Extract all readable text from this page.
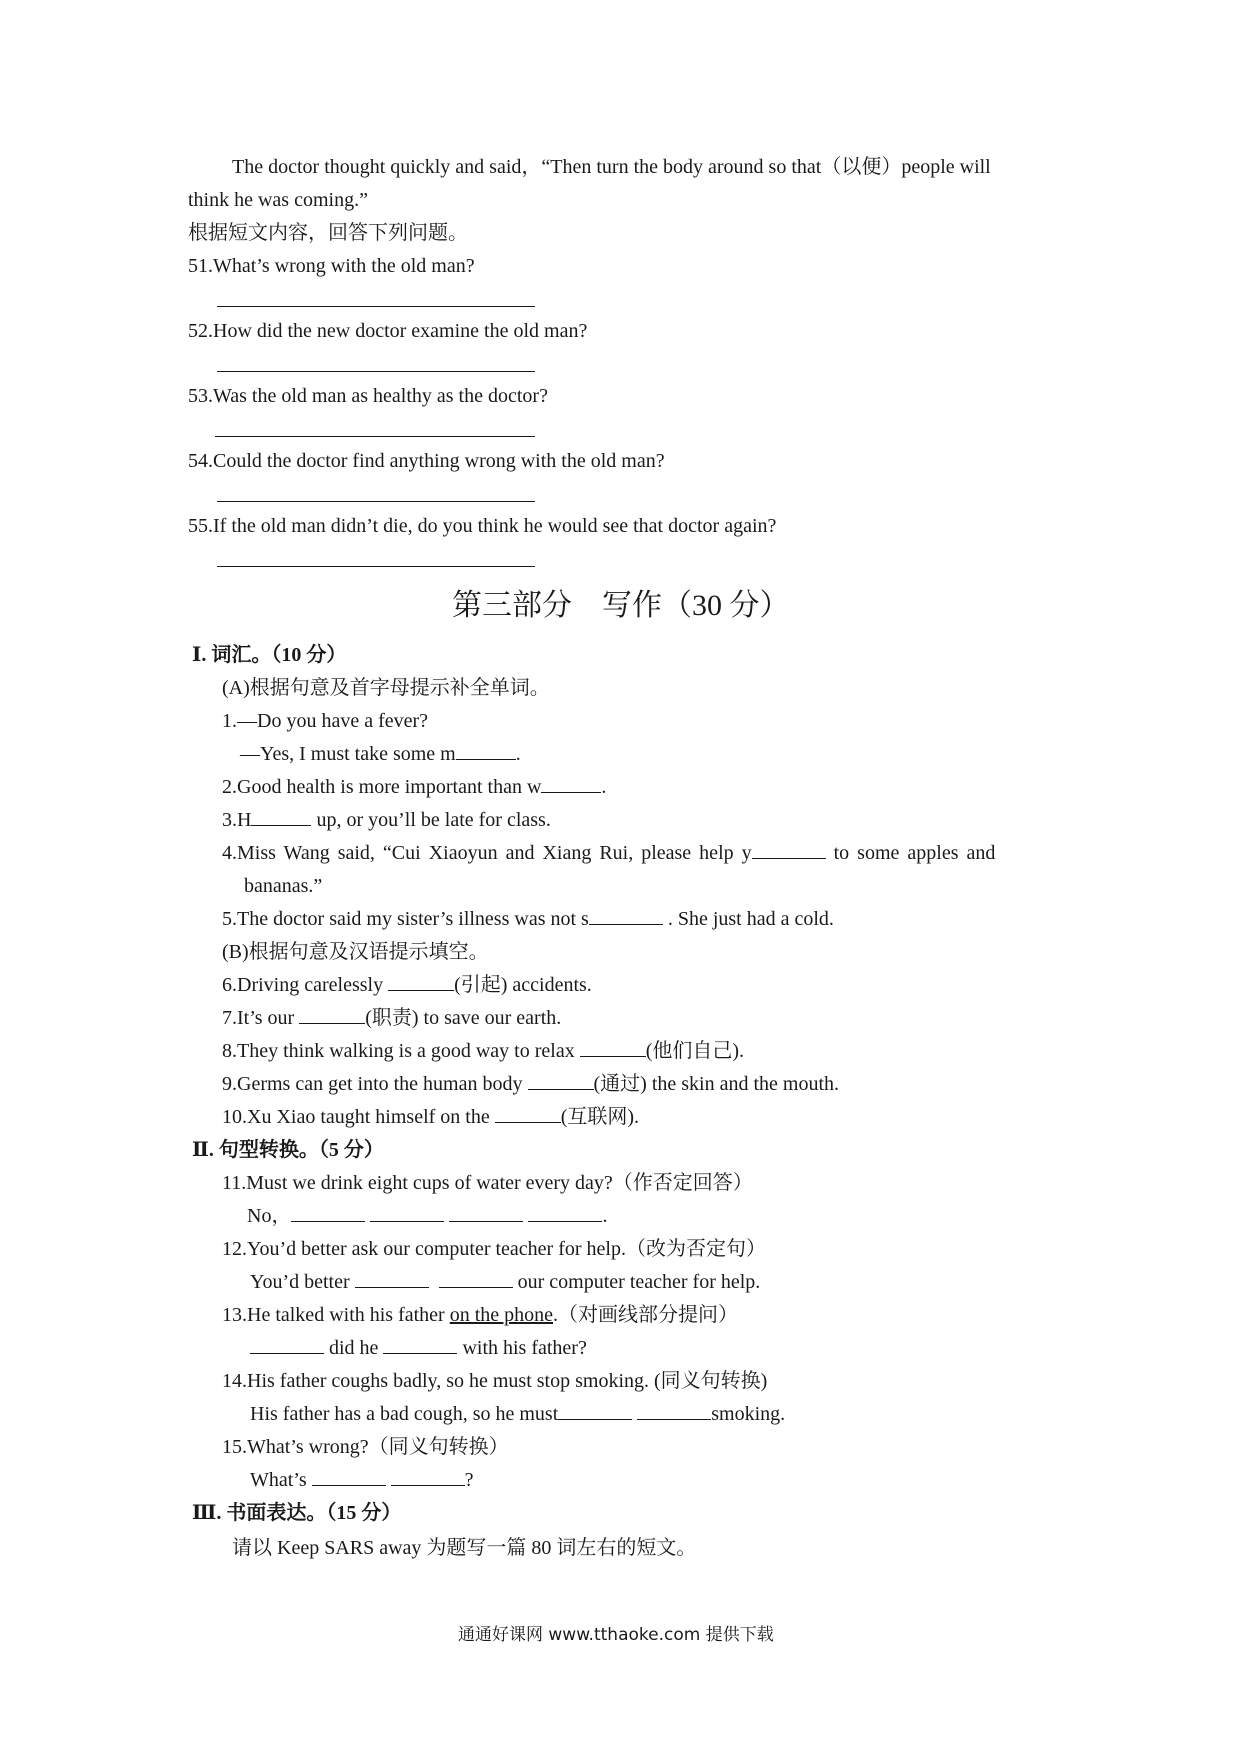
The doctor thought quickly and said，“Then turn the body around so that（以便）people will
think he was coming.”
根据短文内容，回答下列问题。
51.What’s wrong with the old man?
52.How did the new doctor examine the old man?
53.Was the old man as healthy as the doctor?
54.Could the doctor find anything wrong with the old man?
55.If the old man didn’t die, do you think he would see that doctor again?
第三部分　写作（30 分）
Ⅰ. 词汇。（10 分）
(A)根据句意及首字母提示补全单词。
1.—Do you have a fever?
—Yes, I must take some m	.
2.Good health is more important than w	.
3.H	up, or you’ll be late for class.
4.Miss Wang said, “Cui Xiaoyun and Xiang Rui, please help y	to some apples and
bananas.”
5.The doctor said my sister’s illness was not s	. She just had a cold.
(B)根据句意及汉语提示填空。
6.Driving carelessly	(引起) accidents.
7.It’s our	(职责) to save our earth.
8.They think walking is a good way to relax	(他们自己).
9.Germs can get into the human body	(通过) the skin and the mouth.
10.Xu Xiao taught himself on the	(互联网).
Ⅱ. 句型转换。（5 分）
11.Must we drink eight cups of water every day?（作否定回答）
No，	.
12.You’d better ask our computer teacher for help.（改为否定句）
You’d better	our computer teacher for help.
13.He talked with his father on the phone.（对画线部分提问）
did he	with his father?
14.His father coughs badly, so he must stop smoking. (同义句转换)
His father has a bad cough, so he must	smoking.
15.What’s wrong?（同义句转换）
What’s	?
Ⅲ. 书面表达。（15 分）
请以 Keep SARS away 为题写一篇 80 词左右的短文。
通通好课网 www.tthaoke.com 提供下载
